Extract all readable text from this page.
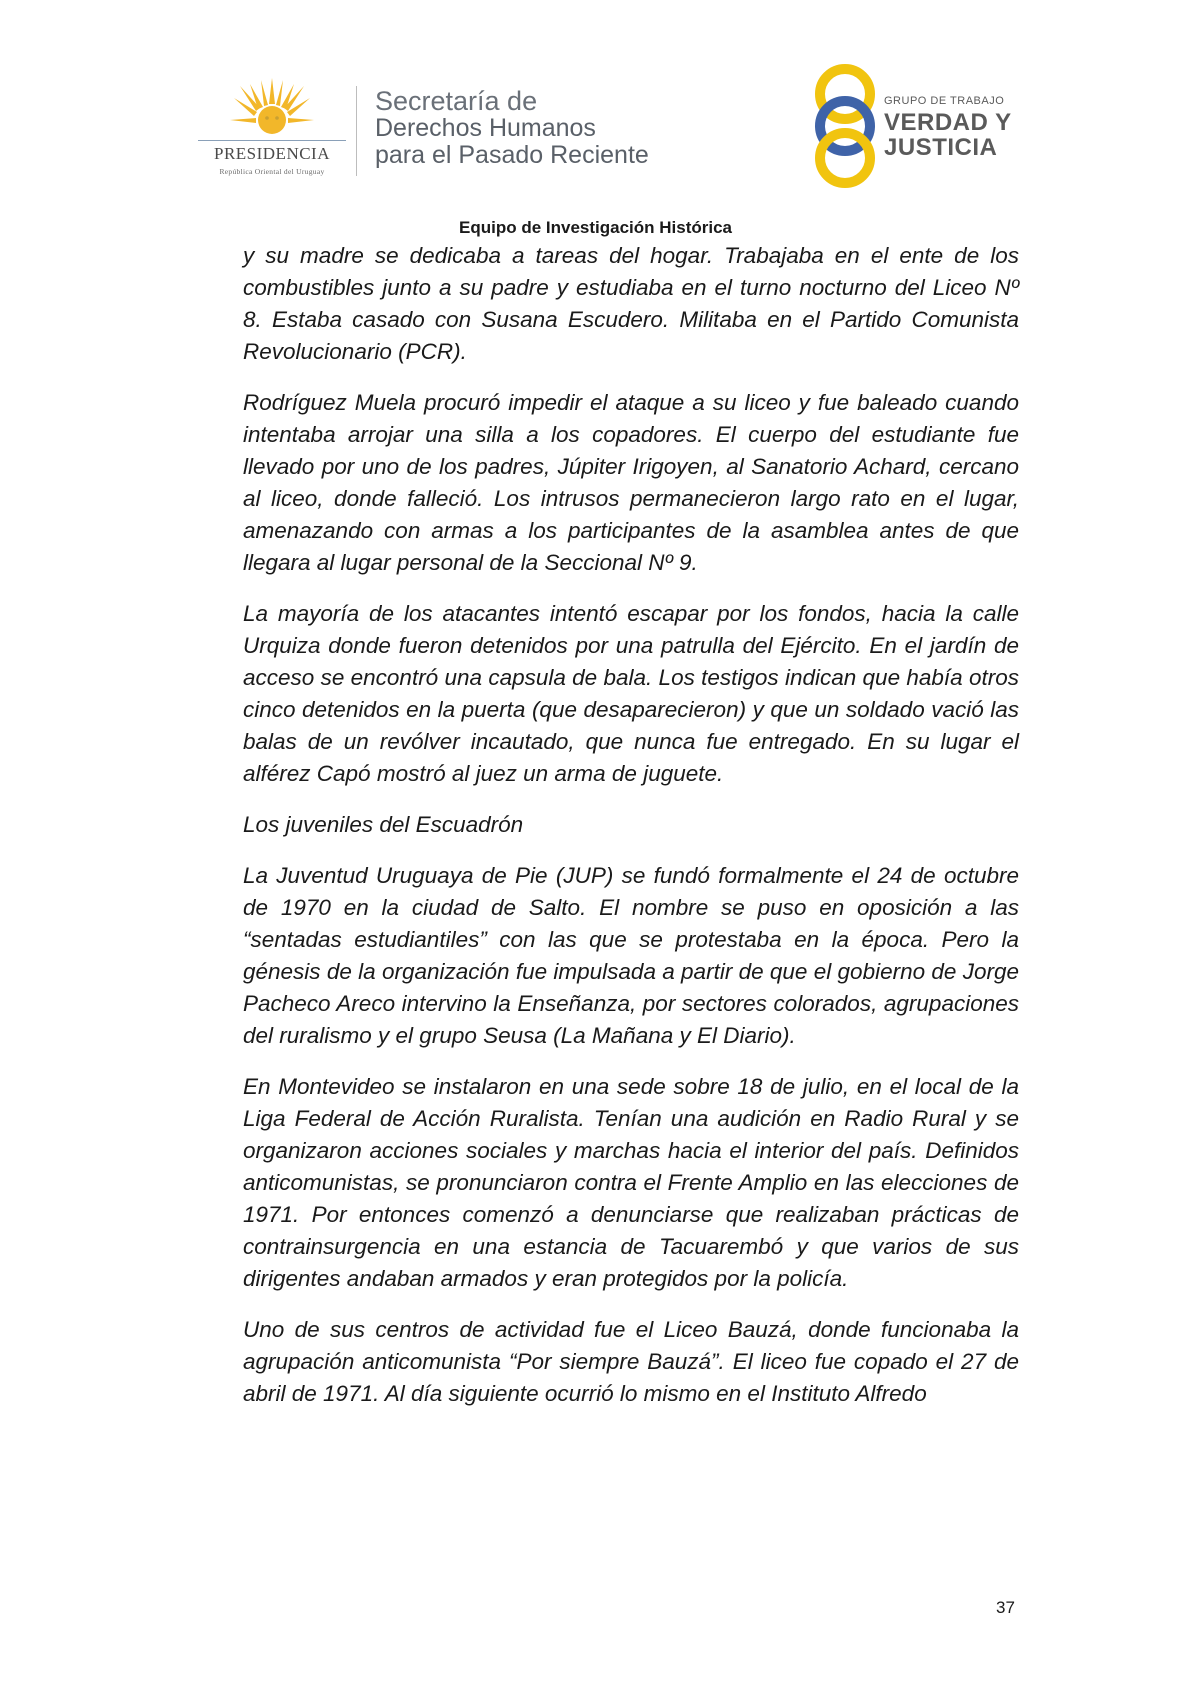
PRESIDENCIA
República Oriental del Uruguay
Secretaría de
Derechos Humanos
para el Pasado Reciente
GRUPO DE TRABAJO
VERDAD Y
JUSTICIA
Equipo de Investigación Histórica

y su madre se dedicaba a tareas del hogar. Trabajaba en el ente de los combustibles junto a su padre y estudiaba en el turno nocturno del Liceo Nº 8. Estaba casado con Susana Escudero. Militaba en el Partido Comunista Revolucionario (PCR).

Rodríguez Muela procuró impedir el ataque a su liceo y fue baleado cuando intentaba arrojar una silla a los copadores. El cuerpo del estudiante fue llevado por uno de los padres, Júpiter Irigoyen, al Sanatorio Achard, cercano al liceo, donde falleció. Los intrusos permanecieron largo rato en el lugar, amenazando con armas a los participantes de la asamblea antes de que llegara al lugar personal de la Seccional Nº 9.

La mayoría de los atacantes intentó escapar por los fondos, hacia la calle Urquiza donde fueron detenidos por una patrulla del Ejército. En el jardín de acceso se encontró una capsula de bala. Los testigos indican que había otros cinco detenidos en la puerta (que desaparecieron) y que un soldado vació las balas de un revólver incautado, que nunca fue entregado. En su lugar el alférez Capó mostró al juez un arma de juguete.

Los juveniles del Escuadrón

La Juventud Uruguaya de Pie (JUP) se fundó formalmente el 24 de octubre de 1970 en la ciudad de Salto. El nombre se puso en oposición a las “sentadas estudiantiles” con las que se protestaba en la época. Pero la génesis de la organización fue impulsada a partir de que el gobierno de Jorge Pacheco Areco intervino la Enseñanza, por sectores colorados, agrupaciones del ruralismo y el grupo Seusa (La Mañana y El Diario).

En Montevideo se instalaron en una sede sobre 18 de julio, en el local de la Liga Federal de Acción Ruralista. Tenían una audición en Radio Rural y se organizaron acciones sociales y marchas hacia el interior del país. Definidos anticomunistas, se pronunciaron contra el Frente Amplio en las elecciones de 1971. Por entonces comenzó a denunciarse que realizaban prácticas de contrainsurgencia en una estancia de Tacuarembó y que varios de sus dirigentes andaban armados y eran protegidos por la policía.

Uno de sus centros de actividad fue el Liceo Bauzá, donde funcionaba la agrupación anticomunista “Por siempre Bauzá”. El liceo fue copado el 27 de abril de 1971. Al día siguiente ocurrió lo mismo en el Instituto Alfredo

37
